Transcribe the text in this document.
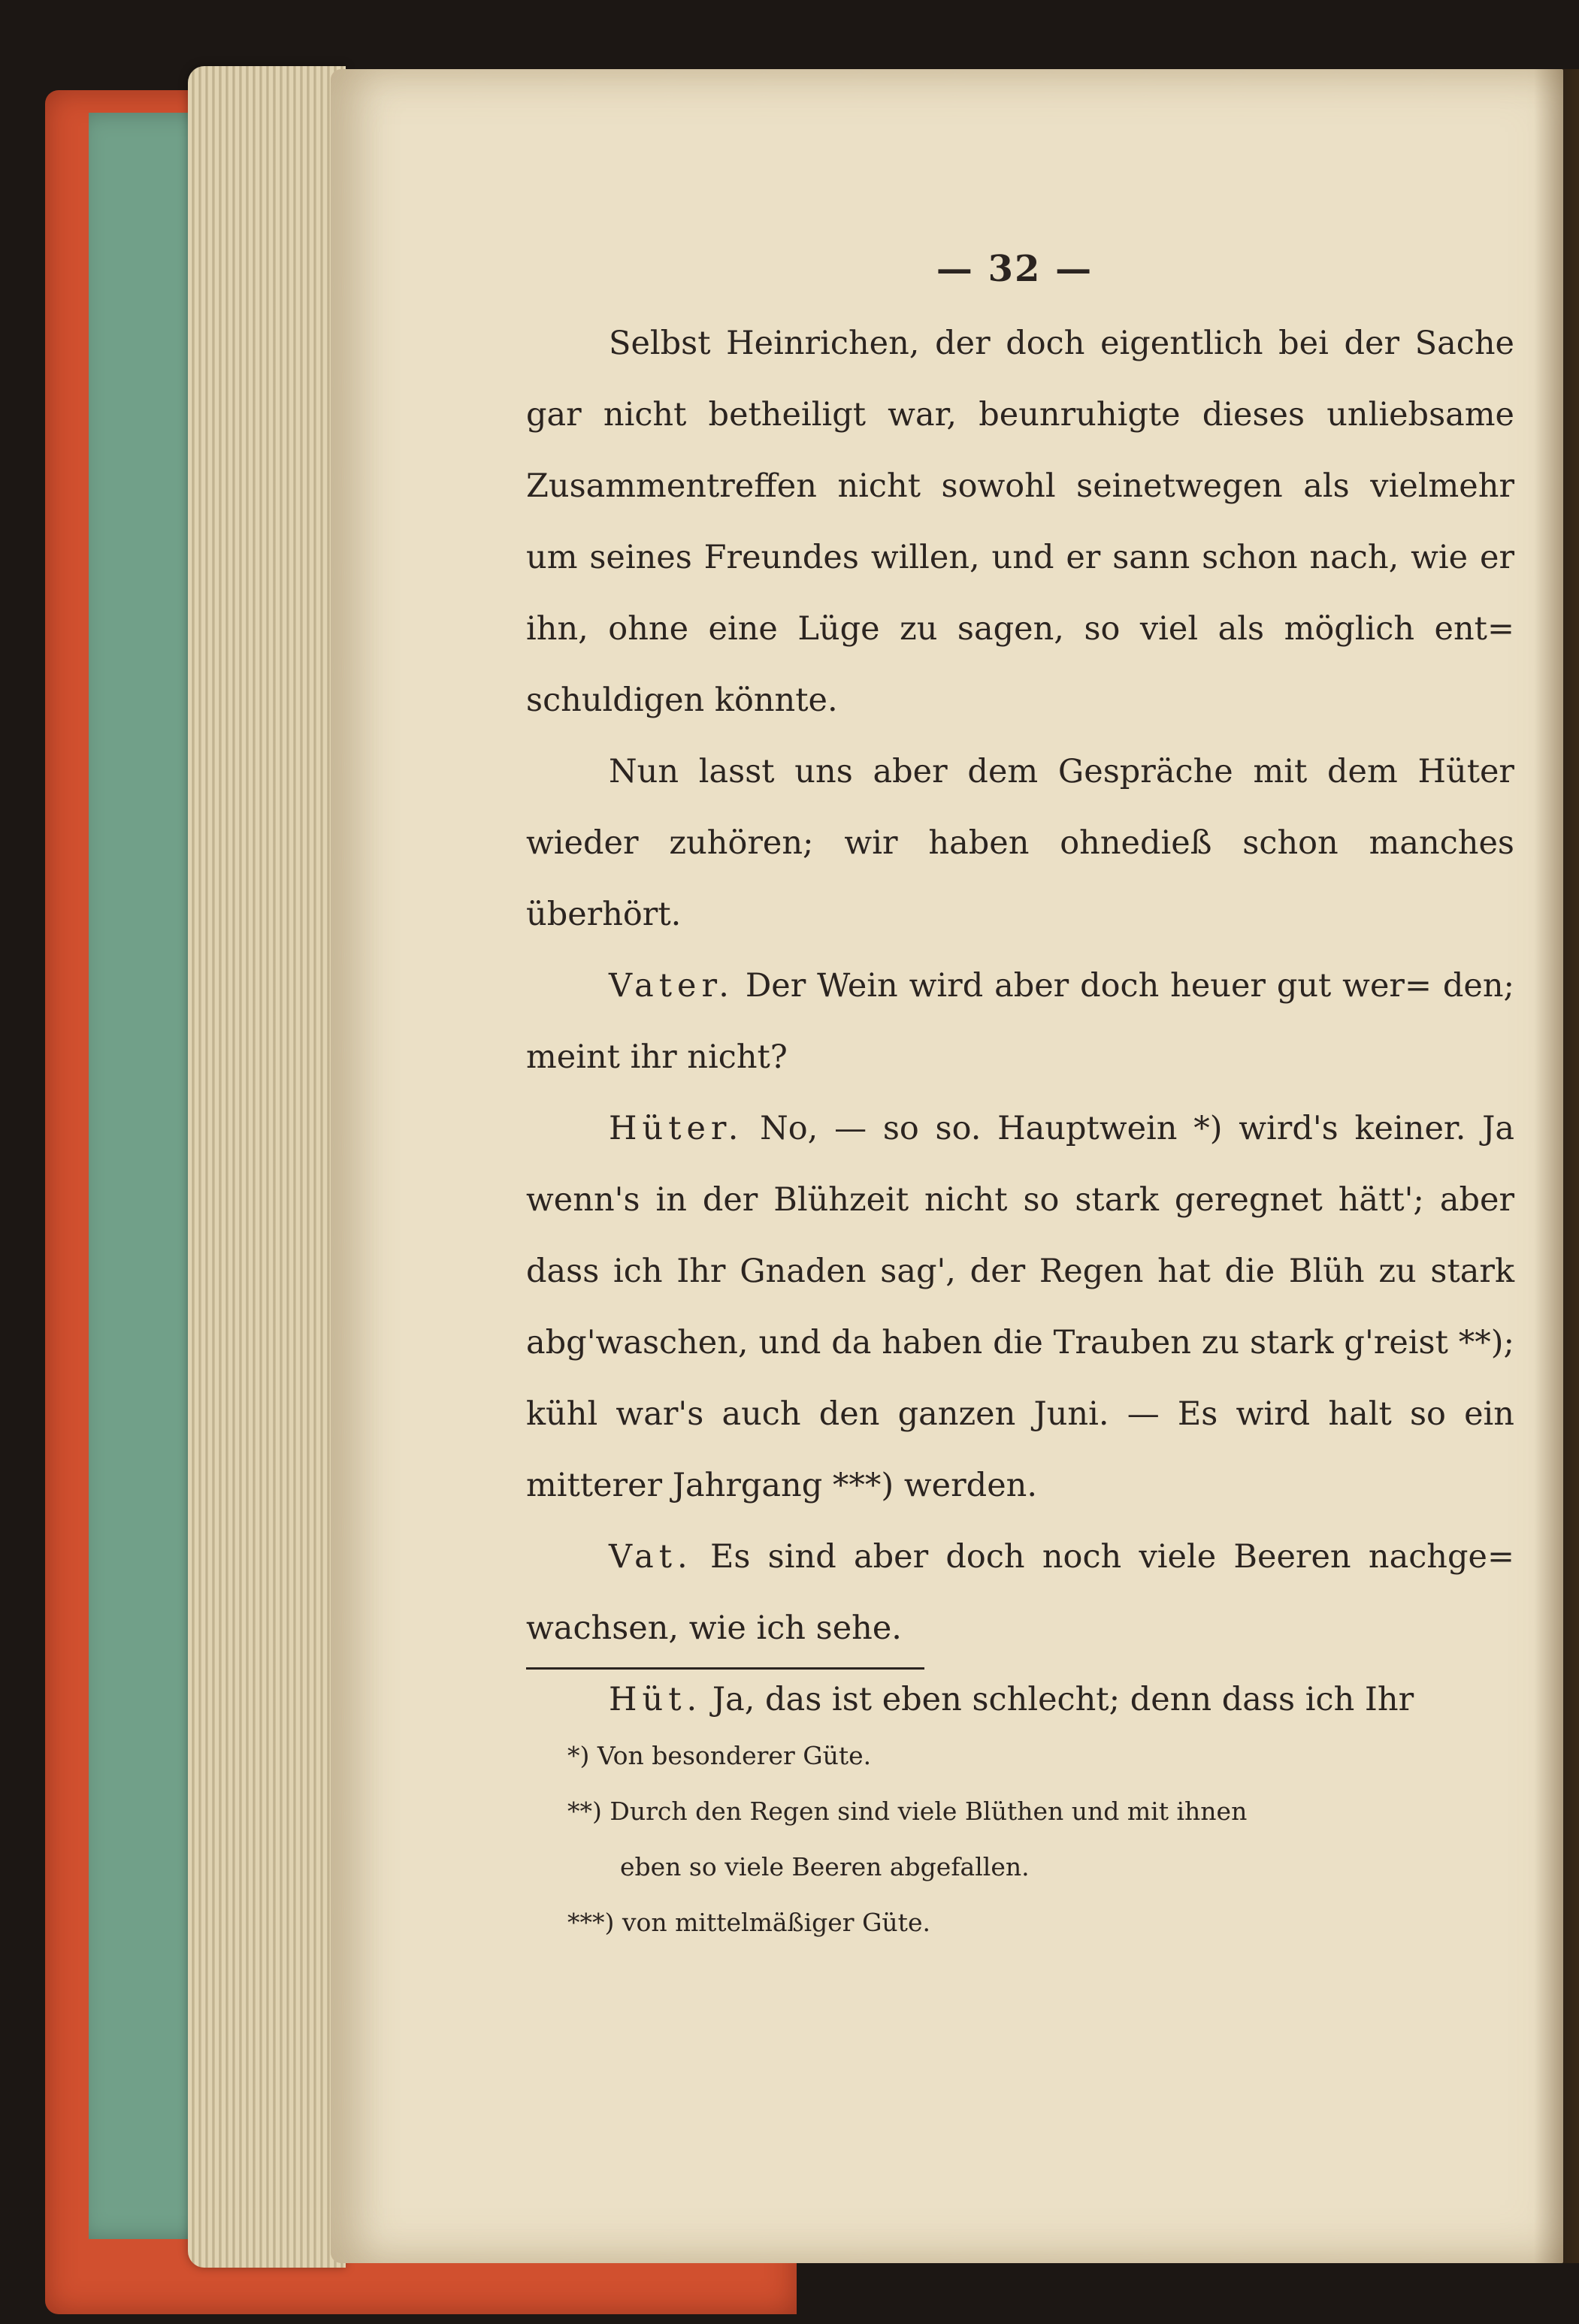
— 32 —

Selbst Heinrichen, der doch eigentlich bei der Sache gar nicht betheiligt war, beunruhigte dieses unliebsame Zusammentreffen nicht sowohl seinetwegen als vielmehr um seines Freundes willen, und er sann schon nach, wie er ihn, ohne eine Lüge zu sagen, so viel als möglich ent= schuldigen könnte.

Nun lasst uns aber dem Gespräche mit dem Hüter wieder zuhören; wir haben ohnedieß schon manches überhört.

Vater. Der Wein wird aber doch heuer gut wer= den; meint ihr nicht?

Hüter. No, — so so. Hauptwein *) wird's keiner. Ja wenn's in der Blühzeit nicht so stark geregnet hätt'; aber dass ich Ihr Gnaden sag', der Regen hat die Blüh zu stark abg'waschen, und da haben die Trauben zu stark g'reist **); kühl war's auch den ganzen Juni. — Es wird halt so ein mitterer Jahrgang ***) werden.

Vat. Es sind aber doch noch viele Beeren nachge= wachsen, wie ich sehe.

Hüt. Ja, das ist eben schlecht; denn dass ich Ihr

*) Von besonderer Güte.

**) Durch den Regen sind viele Blüthen und mit ihnen
eben so viele Beeren abgefallen.

***) von mittelmäßiger Güte.
